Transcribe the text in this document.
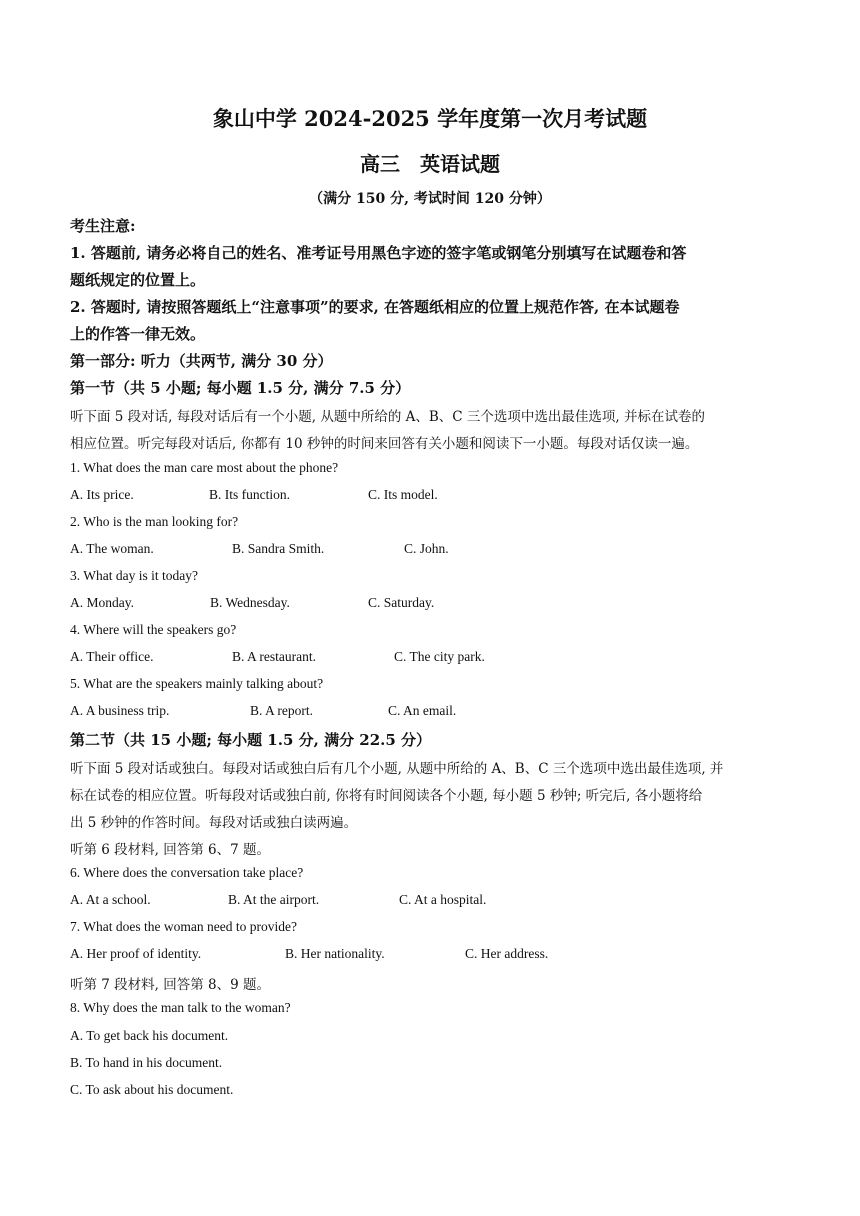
象山中学 2024-2025 学年度第一次月考试题
高三　英语试题
（满分 150 分, 考试时间 120 分钟）
考生注意:
1. 答题前, 请务必将自己的姓名、准考证号用黑色字迹的签字笔或钢笔分别填写在试题卷和答
题纸规定的位置上。
2. 答题时, 请按照答题纸上“注意事项”的要求, 在答题纸相应的位置上规范作答, 在本试题卷
上的作答一律无效。
第一部分: 听力（共两节, 满分 30 分）
第一节（共 5 小题; 每小题 1.5 分, 满分 7.5 分）
听下面 5 段对话, 每段对话后有一个小题, 从题中所给的 A、B、C 三个选项中选出最佳选项, 并标在试卷的
相应位置。听完每段对话后, 你都有 10 秒钟的时间来回答有关小题和阅读下一小题。每段对话仅读一遍。
1. What does the man care most about the phone?
A. Its price.	B. Its function.	C. Its model.
2. Who is the man looking for?
A. The woman.	B. Sandra Smith.	C. John.
3. What day is it today?
A. Monday.	B. Wednesday.	C. Saturday.
4. Where will the speakers go?
A. Their office.	B. A restaurant.	C. The city park.
5. What are the speakers mainly talking about?
A. A business trip.	B. A report.	C. An email.
第二节（共 15 小题; 每小题 1.5 分, 满分 22.5 分）
听下面 5 段对话或独白。每段对话或独白后有几个小题, 从题中所给的 A、B、C 三个选项中选出最佳选项, 并
标在试卷的相应位置。听每段对话或独白前, 你将有时间阅读各个小题, 每小题 5 秒钟; 听完后, 各小题将给
出 5 秒钟的作答时间。每段对话或独白读两遍。
听第 6 段材料, 回答第 6、7 题。
6. Where does the conversation take place?
A. At a school.	B. At the airport.	C. At a hospital.
7. What does the woman need to provide?
A. Her proof of identity.	B. Her nationality.	C. Her address.
听第 7 段材料, 回答第 8、9 题。
8. Why does the man talk to the woman?
A. To get back his document.
B. To hand in his document.
C. To ask about his document.
